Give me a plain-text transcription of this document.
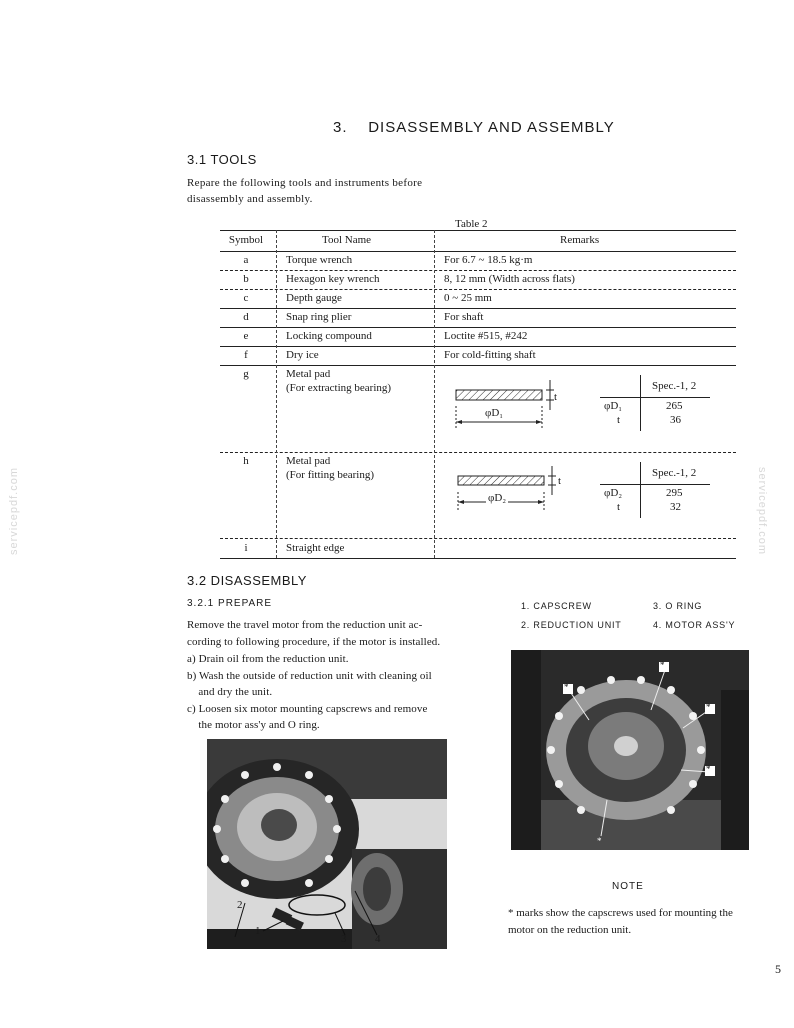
3. DISASSEMBLY AND ASSEMBLY
3.1 TOOLS
Repare the following tools and instruments before
disassembly and assembly.
Table 2
Symbol	Tool Name	Remarks
a	Torque wrench	For 6.7 ~ 18.5 kg·m
b	Hexagon key wrench	8, 12 mm (Width across flats)
c	Depth gauge	0 ~ 25 mm
d	Snap ring plier	For shaft
e	Locking compound	Loctite #515, #242
f	Dry ice	For cold-fitting shaft
g	Metal pad
(For extracting bearing)
φD₁
t
Spec.-1, 2
φD₁	265
t	36
h	Metal pad
(For fitting bearing)
φD₂
t
Spec.-1, 2
φD₂	295
t	32
i	Straight edge
3.2 DISASSEMBLY
3.2.1 PREPARE
Remove the travel motor from the reduction unit ac-
cording to following procedure, if the motor is installed.
a) Drain oil from the reduction unit.
b) Wash the outside of reduction unit with cleaning oil
and dry the unit.
c) Loosen six motor mounting capscrews and remove
the motor ass'y and O ring.
1. CAPSCREW	3. O RING
2. REDUCTION UNIT	4. MOTOR ASS'Y
1
2
3	4
*
*
*
*
*
NOTE
* marks show the capscrews used for mounting the
motor on the reduction unit.
servicepdf.com	servicepdf.com
5
